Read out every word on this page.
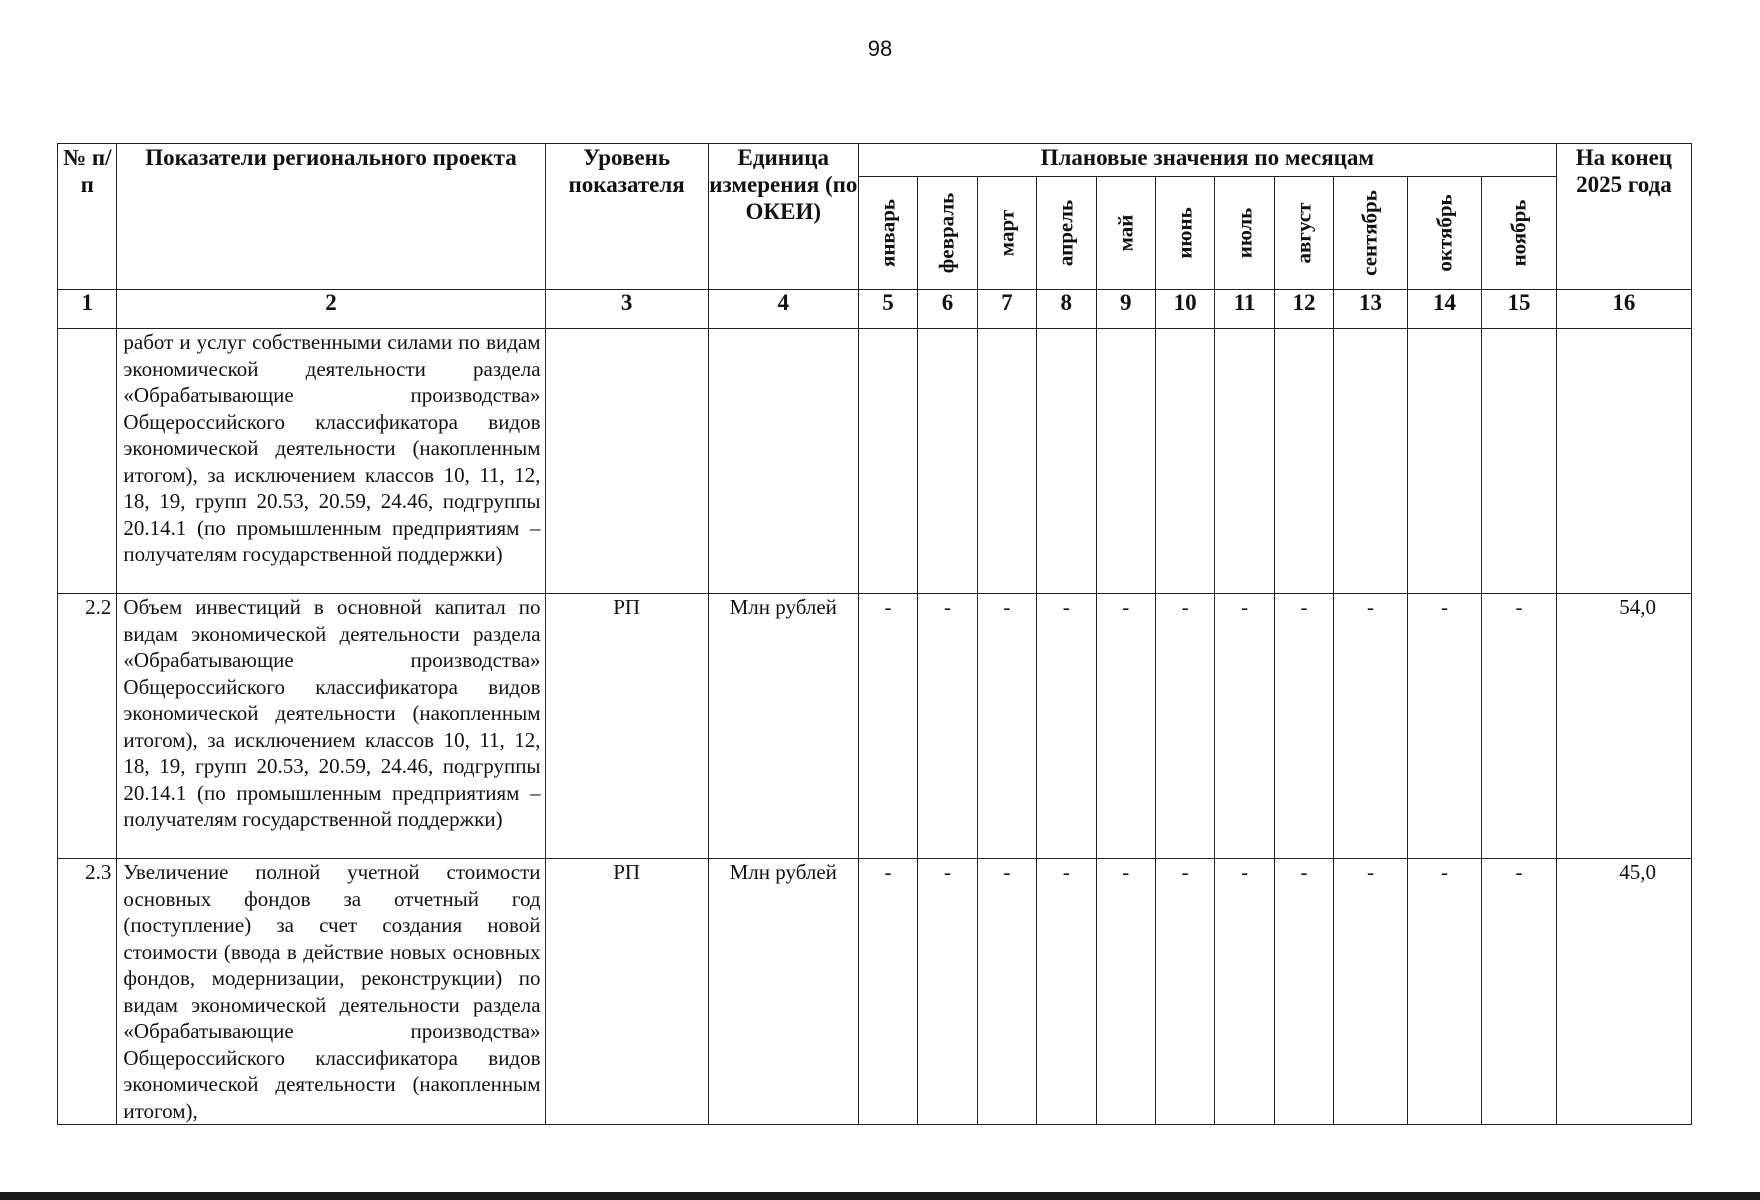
98
№ п/п	Показатели регионального проекта	Уровень показателя	Единица измерения (по ОКЕИ)	Плановые значения по месяцам											На конец 2025 года

				январь	февраль	март	апрель	май	июнь	июль	август	сентябрь	октябрь	ноябрь	

1	2	3	4	5	6	7	8	9	10	11	12	13	14	15	16
	работ и услуг собственными силами по видам экономической деятельности раздела «Обрабатывающие производства» Общероссийского классификатора видов экономической деятельности (накопленным итогом), за исключением классов 10, 11, 12, 18, 19, групп 20.53, 20.59, 24.46, подгруппы 20.14.1 (по промышленным предприятиям – получателям государственной поддержки)														
2.2	Объем инвестиций в основной капитал по видам экономической деятельности раздела «Обрабатывающие производства» Общероссийского классификатора видов экономической деятельности (накопленным итогом), за исключением классов 10, 11, 12, 18, 19, групп 20.53, 20.59, 24.46, подгруппы 20.14.1 (по промышленным предприятиям – получателям государственной поддержки)	РП	Млн рублей	-	-	-	-	-	-	-	-	-	-	-	54,0
2.3	Увеличение полной учетной стоимости основных фондов за отчетный год (поступление) за счет создания новой стоимости (ввода в действие новых основных фондов, модернизации, реконструкции) по видам экономической деятельности раздела «Обрабатывающие производства» Общероссийского классификатора видов экономической деятельности (накопленным итогом),	РП	Млн рублей	-	-	-	-	-	-	-	-	-	-	-	45,0
